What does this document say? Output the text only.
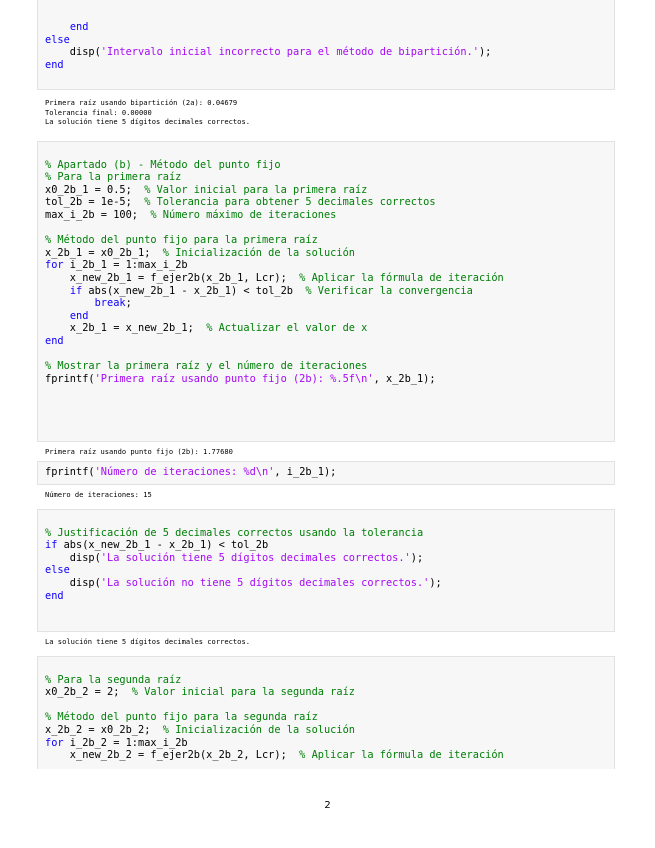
end
else
disp('Intervalo inicial incorrecto para el método de bipartición.');
end
Primera raíz usando bipartición (2a): 0.04679
Tolerancia final: 0.00000
La solución tiene 5 dígitos decimales correctos.
% Apartado (b) - Método del punto fijo
% Para la primera raíz
x0_2b_1 = 0.5;  % Valor inicial para la primera raíz
tol_2b = 1e-5;  % Tolerancia para obtener 5 decimales correctos
max_i_2b = 100;  % Número máximo de iteraciones
% Método del punto fijo para la primera raíz
x_2b_1 = x0_2b_1;  % Inicialización de la solución
for i_2b_1 = 1:max_i_2b
x_new_2b_1 = f_ejer2b(x_2b_1, Lcr);  % Aplicar la fórmula de iteración
if abs(x_new_2b_1 - x_2b_1) < tol_2b  % Verificar la convergencia
break;
end
x_2b_1 = x_new_2b_1;  % Actualizar el valor de x
end
% Mostrar la primera raíz y el número de iteraciones
fprintf('Primera raíz usando punto fijo (2b): %.5f\n', x_2b_1);
Primera raíz usando punto fijo (2b): 1.77680
fprintf('Número de iteraciones: %d\n', i_2b_1);
Número de iteraciones: 15
% Justificación de 5 decimales correctos usando la tolerancia
if abs(x_new_2b_1 - x_2b_1) < tol_2b
disp('La solución tiene 5 dígitos decimales correctos.');
else
disp('La solución no tiene 5 dígitos decimales correctos.');
end
La solución tiene 5 dígitos decimales correctos.
% Para la segunda raíz
x0_2b_2 = 2;  % Valor inicial para la segunda raíz
% Método del punto fijo para la segunda raíz
x_2b_2 = x0_2b_2;  % Inicialización de la solución
for i_2b_2 = 1:max_i_2b
x_new_2b_2 = f_ejer2b(x_2b_2, Lcr);  % Aplicar la fórmula de iteración
2
